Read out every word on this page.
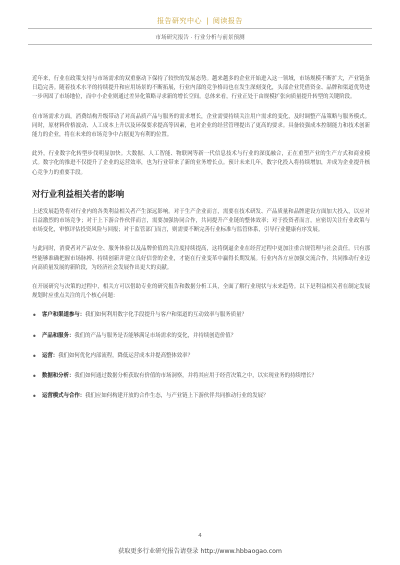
报告研究中心 | 阅读报告
市场研究报告 · 行业分析与前景预测

近年来，行业在政策支持与市场需求的双重驱动下保持了较快的发展态势。越来越多的企业开始进入这一领域，市场规模不断扩大，产业链条日趋完善。随着技术水平的持续提升和应用场景的不断拓展，行业内部的竞争格局也在发生深刻变化，头部企业凭借资金、品牌和渠道优势进一步巩固了市场地位，而中小企业则通过差异化策略寻求新的增长空间。总体来看，行业正处于由规模扩张向质量提升转型的关键阶段。

在市场需求方面，消费结构升级带动了对高品质产品与服务的需求增长，企业需要持续关注用户需求的变化，及时调整产品策略与服务模式。同时，原材料价格波动、人工成本上升以及环保要求提高等因素，也对企业的经营管理提出了更高的要求。具备较强成本控制能力和技术创新能力的企业，将在未来的市场竞争中占据更为有利的位置。

此外，行业数字化转型步伐明显加快。大数据、人工智能、物联网等新一代信息技术与行业的深度融合，正在重塑产业的生产方式和商业模式。数字化的推进不仅提升了企业的运营效率，也为行业带来了新的业务增长点。预计未来几年，数字化投入将持续增加，并成为企业提升核心竞争力的重要手段。

对行业利益相关者的影响

上述发展趋势将对行业内的各类利益相关者产生深远影响。对于生产企业而言，需要在技术研发、产品质量和品牌建设方面加大投入，以应对日益激烈的市场竞争；对于上下游合作伙伴而言，需要加强协同合作，共同提升产业链的整体效率；对于投资者而言，应密切关注行业政策与市场变化，审慎评估投资风险与回报；对于监管部门而言，则需要不断完善行业标准与监管体系，引导行业健康有序发展。

与此同时，消费者对产品安全、服务体验以及品牌价值的关注度持续提高，这将倒逼企业在经营过程中更加注重合规管理与社会责任。只有那些能够准确把握市场脉搏、持续创新并建立良好信誉的企业，才能在行业变革中赢得长期发展。行业内各方应加强交流合作，共同推动行业迈向高质量发展的新阶段，为经济社会发展作出更大的贡献。

在开展研究与决策的过程中，相关方可以借助专业的研究报告和数据分析工具，全面了解行业现状与未来趋势。以下是利益相关者在制定发展规划时应重点关注的几个核心问题：

• 客户和渠道参与：我们如何利用数字化手段提升与客户和渠道的互动效率与服务质量？
• 产品和服务：我们的产品与服务是否能够满足市场需求的变化，并持续创造价值？
• 运营：我们如何优化内部流程，降低运营成本并提高整体效率？
• 数据和分析：我们如何通过数据分析获取有价值的市场洞察，并将其应用于经营决策之中，以实现业务的持续增长？
• 运营模式与合作：我们应如何构建开放的合作生态，与产业链上下游伙伴共同推动行业的发展？
4
获取更多行业研究报告请登录 http://www.hbbaogao.com
